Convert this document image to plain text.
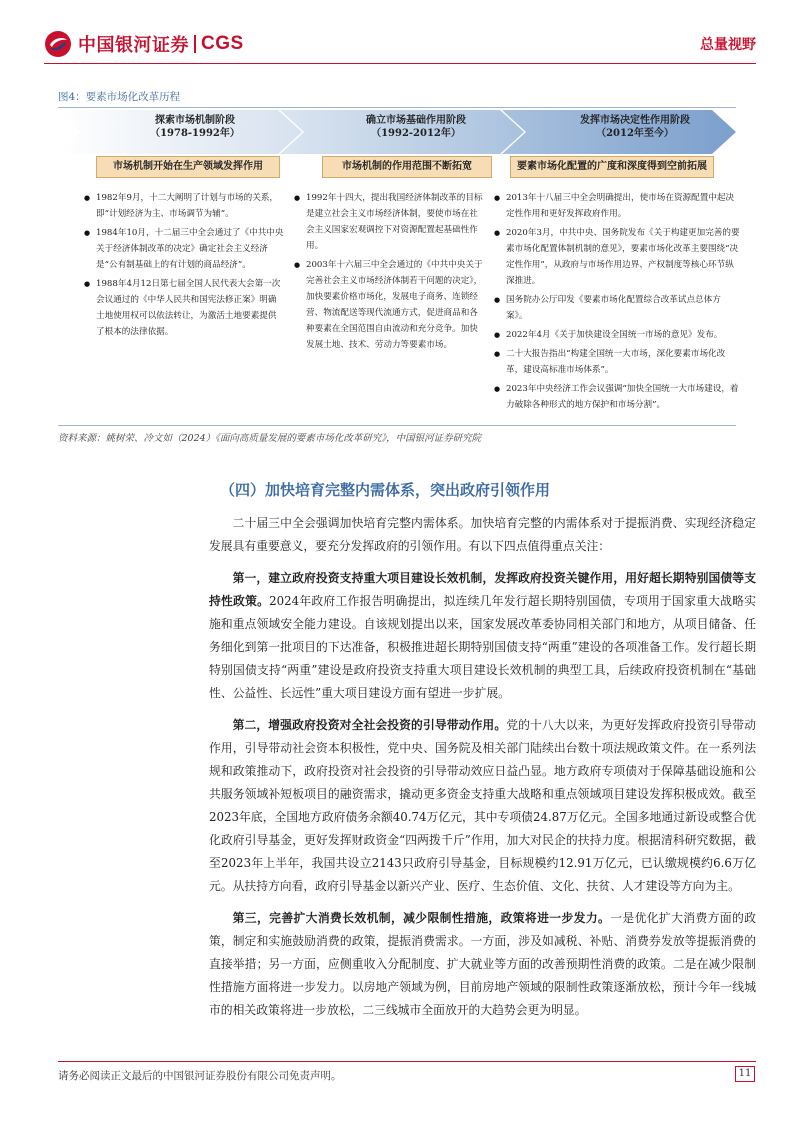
中国银河证券 CGS	总量视野
图4：要素市场化改革历程
探索市场机制阶段
（1978-1992年）
确立市场基础作用阶段
（1992-2012年）
发挥市场决定性作用阶段
（2012年至今）
市场机制开始在生产领域发挥作用	市场机制的作用范围不断拓宽	要素市场化配置的广度和深度得到空前拓展
● 1982年9月，十二大阐明了计划与市场的关系，即“计划经济为主、市场调节为辅”。
● 1984年10月，十二届三中全会通过了《中共中央关于经济体制改革的决定》确定社会主义经济是“公有制基础上的有计划的商品经济”。
● 1988年4月12日第七届全国人民代表大会第一次会议通过的《中华人民共和国宪法修正案》明确土地使用权可以依法转让，为激活土地要素提供了根本的法律依据。
● 1992年十四大，提出我国经济体制改革的目标是建立社会主义市场经济体制，要使市场在社会主义国家宏观调控下对资源配置起基础性作用。
● 2003年十六届三中全会通过的《中共中央关于完善社会主义市场经济体制若干问题的决定》，加快要素价格市场化，发展电子商务、连锁经营、物流配送等现代流通方式，促进商品和各种要素在全国范围自由流动和充分竞争。加快发展土地、技术、劳动力等要素市场。
● 2013年十八届三中全会明确提出，使市场在资源配置中起决定性作用和更好发挥政府作用。
● 2020年3月，中共中央、国务院发布《关于构建更加完善的要素市场化配置体制机制的意见》，要素市场化改革主要围绕“决定性作用”，从政府与市场作用边界、产权制度等核心环节纵深推进。
● 国务院办公厅印发《要素市场化配置综合改革试点总体方案》。
● 2022年4月《关于加快建设全国统一市场的意见》发布。
● 二十大报告指出“构建全国统一大市场，深化要素市场化改革，建设高标准市场体系”。
● 2023年中央经济工作会议强调“加快全国统一大市场建设，着力破除各种形式的地方保护和市场分割”。
资料来源：姚树荣、冷文如（2024）《面向高质量发展的要素市场化改革研究》，中国银河证券研究院
（四）加快培育完整内需体系，突出政府引领作用

二十届三中全会强调加快培育完整内需体系。加快培育完整的内需体系对于提振消费、实现经济稳定发展具有重要意义，要充分发挥政府的引领作用。有以下四点值得重点关注：

第一，建立政府投资支持重大项目建设长效机制，发挥政府投资关键作用，用好超长期特别国债等支持性政策。2024年政府工作报告明确提出，拟连续几年发行超长期特别国债，专项用于国家重大战略实施和重点领域安全能力建设。自该规划提出以来，国家发展改革委协同相关部门和地方，从项目储备、任务细化到第一批项目的下达准备，积极推进超长期特别国债支持“两重”建设的各项准备工作。发行超长期特别国债支持“两重”建设是政府投资支持重大项目建设长效机制的典型工具，后续政府投资机制在“基础性、公益性、长远性”重大项目建设方面有望进一步扩展。

第二，增强政府投资对全社会投资的引导带动作用。党的十八大以来，为更好发挥政府投资引导带动作用，引导带动社会资本积极性，党中央、国务院及相关部门陆续出台数十项法规政策文件。在一系列法规和政策推动下，政府投资对社会投资的引导带动效应日益凸显。地方政府专项债对于保障基础设施和公共服务领域补短板项目的融资需求，撬动更多资金支持重大战略和重点领域项目建设发挥积极成效。截至2023年底，全国地方政府债务余额40.74万亿元，其中专项债24.87万亿元。全国多地通过新设或整合优化政府引导基金，更好发挥财政资金“四两拨千斤”作用，加大对民企的扶持力度。根据清科研究数据，截至2023年上半年，我国共设立2143只政府引导基金，目标规模约12.91万亿元，已认缴规模约6.6万亿元。从扶持方向看，政府引导基金以新兴产业、医疗、生态价值、文化、扶贫、人才建设等方向为主。

第三，完善扩大消费长效机制，减少限制性措施，政策将进一步发力。一是优化扩大消费方面的政策，制定和实施鼓励消费的政策，提振消费需求。一方面，涉及如减税、补贴、消费券发放等提振消费的直接举措；另一方面，应侧重收入分配制度、扩大就业等方面的改善预期性消费的政策。二是在减少限制性措施方面将进一步发力。以房地产领域为例，目前房地产领域的限制性政策逐渐放松，预计今年一线城市的相关政策将进一步放松，二三线城市全面放开的大趋势会更为明显。

请务必阅读正文最后的中国银河证券股份有限公司免责声明。	11
